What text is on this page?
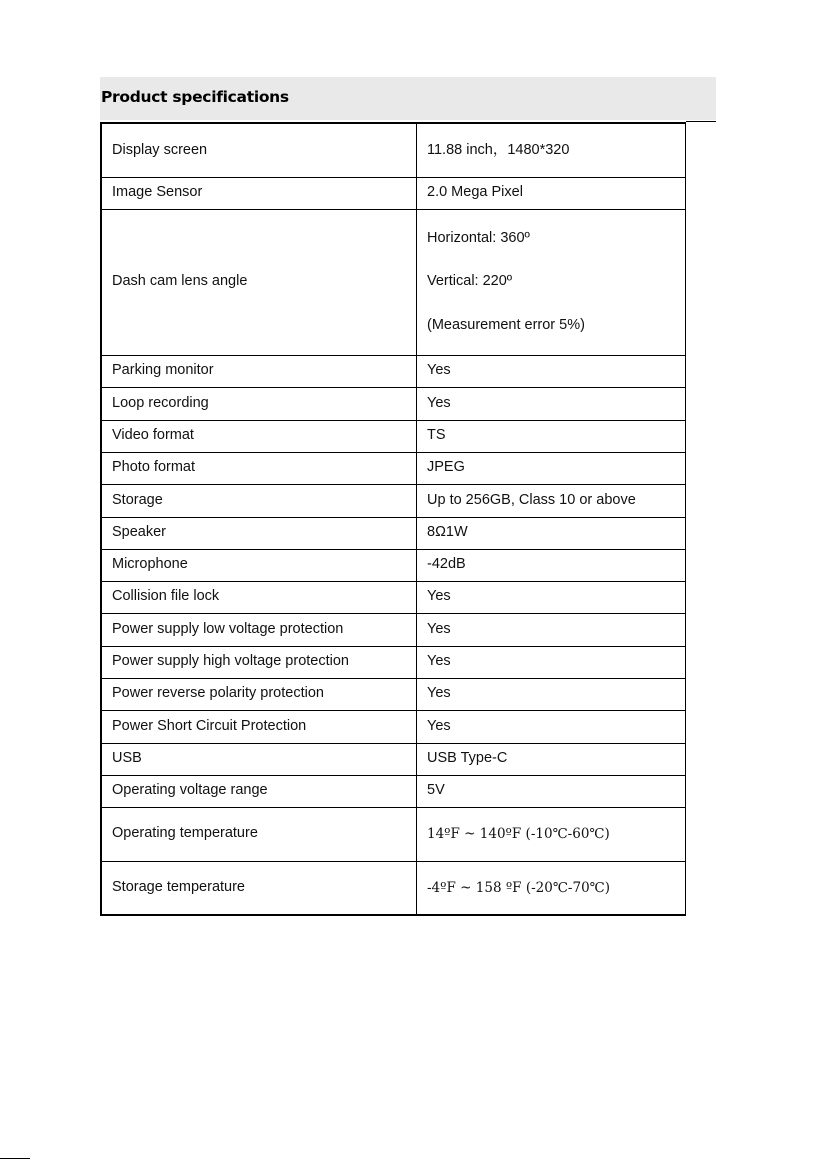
Product specifications
Display screen	11.88 inch，1480*320

Image Sensor	2.0 Mega Pixel

Dash cam lens angle	Horizontal: 360º
Vertical: 220º
(Measurement error 5%)

Parking monitor	Yes

Loop recording	Yes

Video format	TS

Photo format	JPEG

Storage	Up to 256GB, Class 10 or above

Speaker	8Ω1W

Microphone	-42dB

Collision file lock	Yes

Power supply low voltage protection	Yes

Power supply high voltage protection	Yes

Power reverse polarity protection	Yes

Power Short Circuit Protection	Yes

USB	USB Type-C

Operating voltage range	5V

Operating temperature	14ºF ~ 140ºF (-10℃-60℃)

Storage temperature	-4ºF ~ 158 ºF (-20℃-70℃)
